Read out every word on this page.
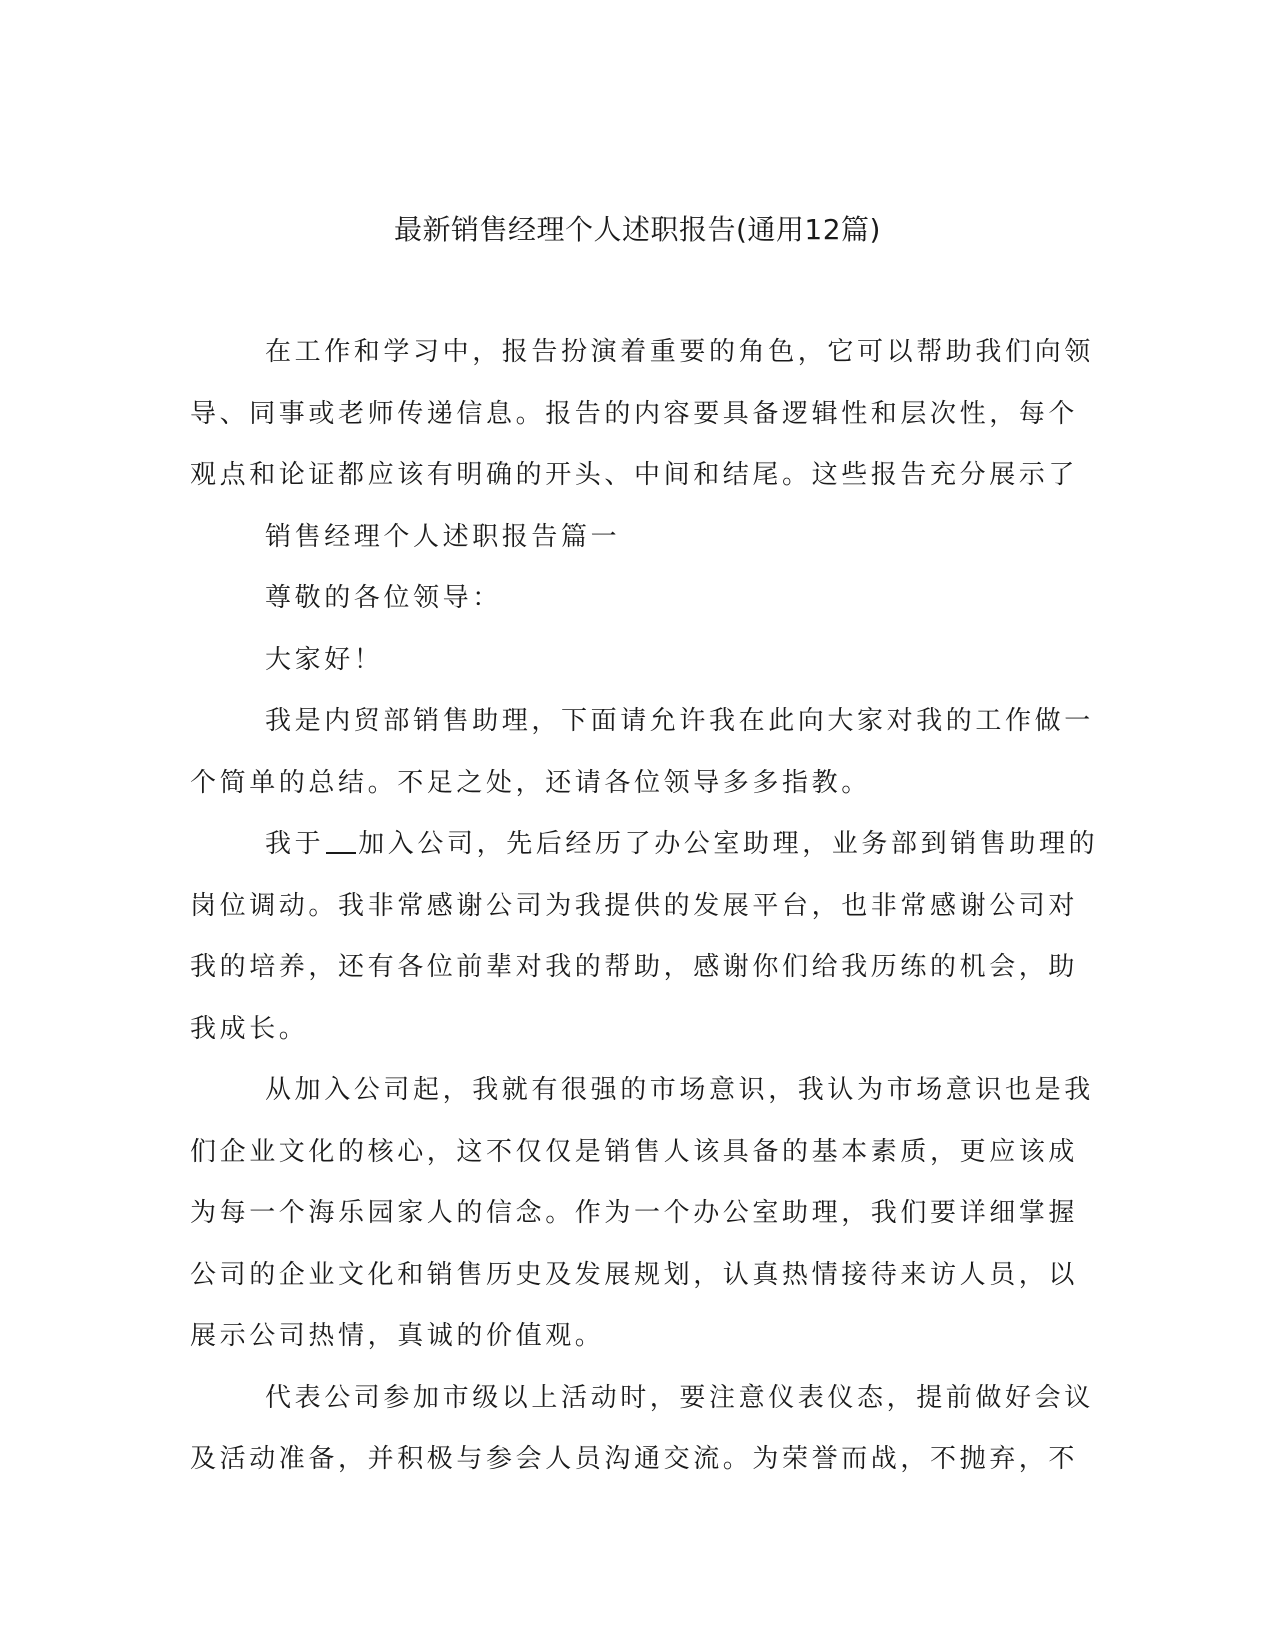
最新销售经理个人述职报告(通用12篇)

在工作和学习中，报告扮演着重要的角色，它可以帮助我们向领
导、同事或老师传递信息。报告的内容要具备逻辑性和层次性，每个
观点和论证都应该有明确的开头、中间和结尾。这些报告充分展示了

销售经理个人述职报告篇一

尊敬的各位领导：

大家好！

我是内贸部销售助理，下面请允许我在此向大家对我的工作做一
个简单的总结。不足之处，还请各位领导多多指教。

我于 加入公司，先后经历了办公室助理，业务部到销售助理的
岗位调动。我非常感谢公司为我提供的发展平台，也非常感谢公司对
我的培养，还有各位前辈对我的帮助，感谢你们给我历练的机会，助
我成长。

从加入公司起，我就有很强的市场意识，我认为市场意识也是我
们企业文化的核心，这不仅仅是销售人该具备的基本素质，更应该成
为每一个海乐园家人的信念。作为一个办公室助理，我们要详细掌握
公司的企业文化和销售历史及发展规划，认真热情接待来访人员，以
展示公司热情，真诚的价值观。

代表公司参加市级以上活动时，要注意仪表仪态，提前做好会议
及活动准备，并积极与参会人员沟通交流。为荣誉而战，不抛弃，不
